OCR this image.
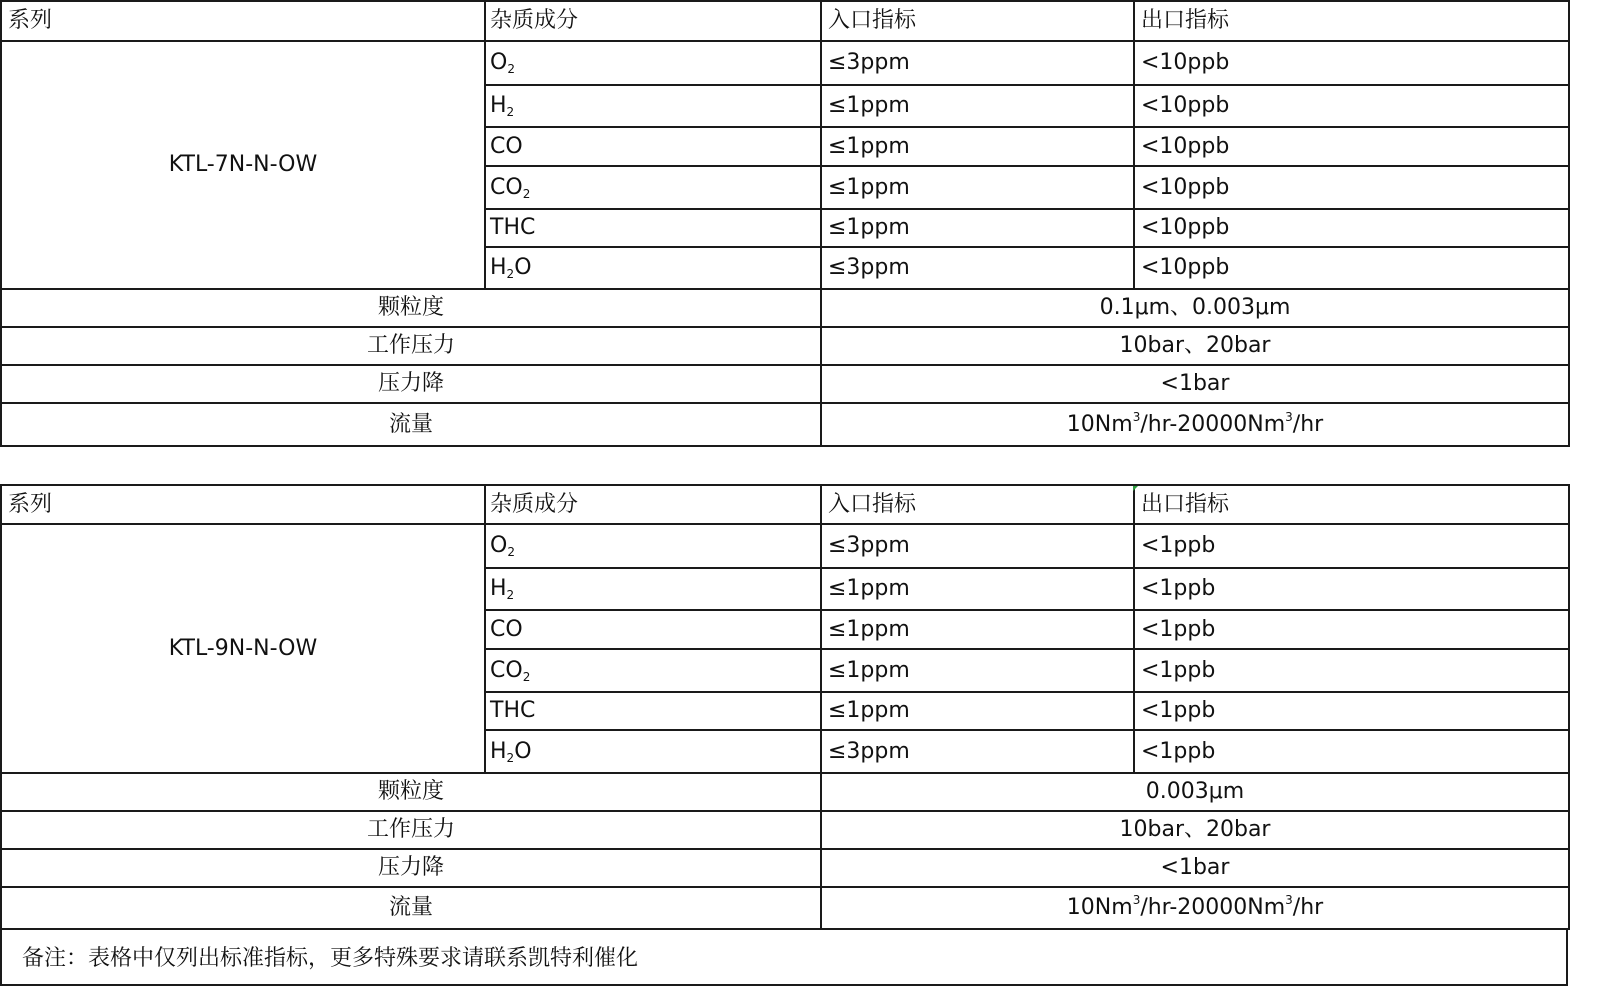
系列	杂质成分	入口指标	出口指标
KTL-7N-N-OW	$O_2$	≤3ppm	<10ppb
	$H_2$	≤1ppm	<10ppb
	CO	≤1ppm	<10ppb
	$CO_2$	≤1ppm	<10ppb
	THC	≤1ppm	<10ppb
	$H_2O$	≤3ppm	<10ppb
颗粒度		0.1μm、0.003μm	
工作压力		10bar、20bar	
压力降		<1bar	
流量		10Nm$^3$/hr-20000Nm$^3$/hr	
系列	杂质成分	入口指标	出口指标
KTL-9N-N-OW	$O_2$	≤3ppm	<1ppb
	$H_2$	≤1ppm	<1ppb
	CO	≤1ppm	<1ppb
	$CO_2$	≤1ppm	<1ppb
	THC	≤1ppm	<1ppb
	$H_2O$	≤3ppm	<1ppb
颗粒度		0.003μm	
工作压力		10bar、20bar	
压力降		<1bar	
流量		10Nm$^3$/hr-20000Nm$^3$/hr	
备注：表格中仅列出标准指标，更多特殊要求请联系凯特利催化
